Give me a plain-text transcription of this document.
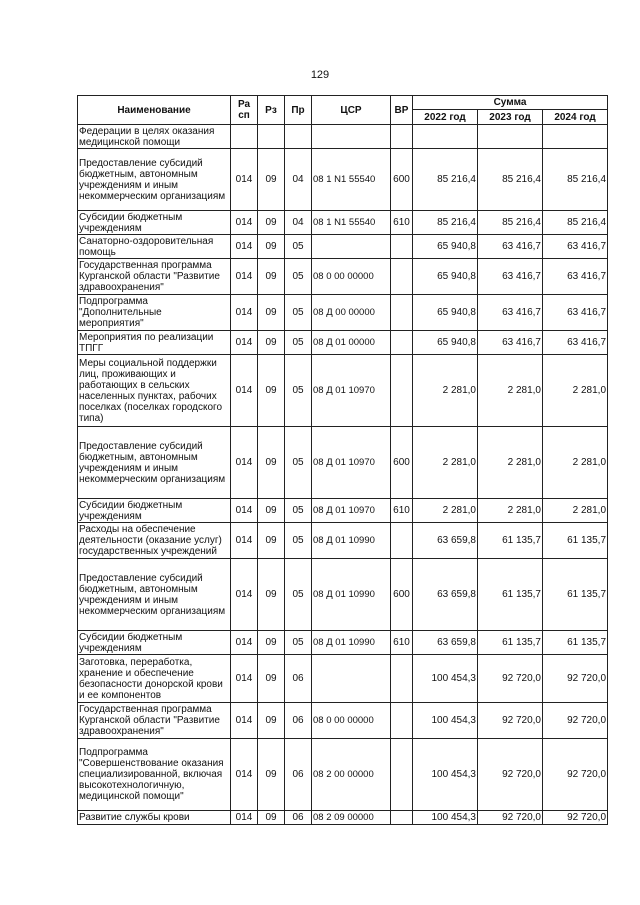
129
Наименование	Ра сп	Рз	Пр	ЦСР	ВР	Сумма		
						2022 год	2023 год	2024 год
Федерации в целях оказания медицинской помощи								
Предоставление субсидий бюджетным, автономным учреждениям и иным некоммерческим организациям	014	09	04	08 1 N1 55540	600	85 216,4	85 216,4	85 216,4
Субсидии бюджетным учреждениям	014	09	04	08 1 N1 55540	610	85 216,4	85 216,4	85 216,4
Санаторно-оздоровительная помощь	014	09	05			65 940,8	63 416,7	63 416,7
Государственная программа Курганской области "Развитие здравоохранения"	014	09	05	08 0 00 00000		65 940,8	63 416,7	63 416,7
Подпрограмма "Дополнительные мероприятия"	014	09	05	08 Д 00 00000		65 940,8	63 416,7	63 416,7
Мероприятия по реализации ТПГГ	014	09	05	08 Д 01 00000		65 940,8	63 416,7	63 416,7
Меры социальной поддержки лиц, проживающих и работающих в сельских населенных пунктах, рабочих поселках (поселках городского типа)	014	09	05	08 Д 01 10970		2 281,0	2 281,0	2 281,0
Предоставление субсидий бюджетным, автономным учреждениям и иным некоммерческим организациям	014	09	05	08 Д 01 10970	600	2 281,0	2 281,0	2 281,0
Субсидии бюджетным учреждениям	014	09	05	08 Д 01 10970	610	2 281,0	2 281,0	2 281,0
Расходы на обеспечение деятельности (оказание услуг) государственных учреждений	014	09	05	08 Д 01 10990		63 659,8	61 135,7	61 135,7
Предоставление субсидий бюджетным, автономным учреждениям и иным некоммерческим организациям	014	09	05	08 Д 01 10990	600	63 659,8	61 135,7	61 135,7
Субсидии бюджетным учреждениям	014	09	05	08 Д 01 10990	610	63 659,8	61 135,7	61 135,7
Заготовка, переработка, хранение и обеспечение безопасности донорской крови и ее компонентов	014	09	06			100 454,3	92 720,0	92 720,0
Государственная программа Курганской области "Развитие здравоохранения"	014	09	06	08 0 00 00000		100 454,3	92 720,0	92 720,0
Подпрограмма "Совершенствование оказания специализированной, включая высокотехнологичную, медицинской помощи"	014	09	06	08 2 00 00000		100 454,3	92 720,0	92 720,0
Развитие службы крови	014	09	06	08 2 09 00000		100 454,3	92 720,0	92 720,0
